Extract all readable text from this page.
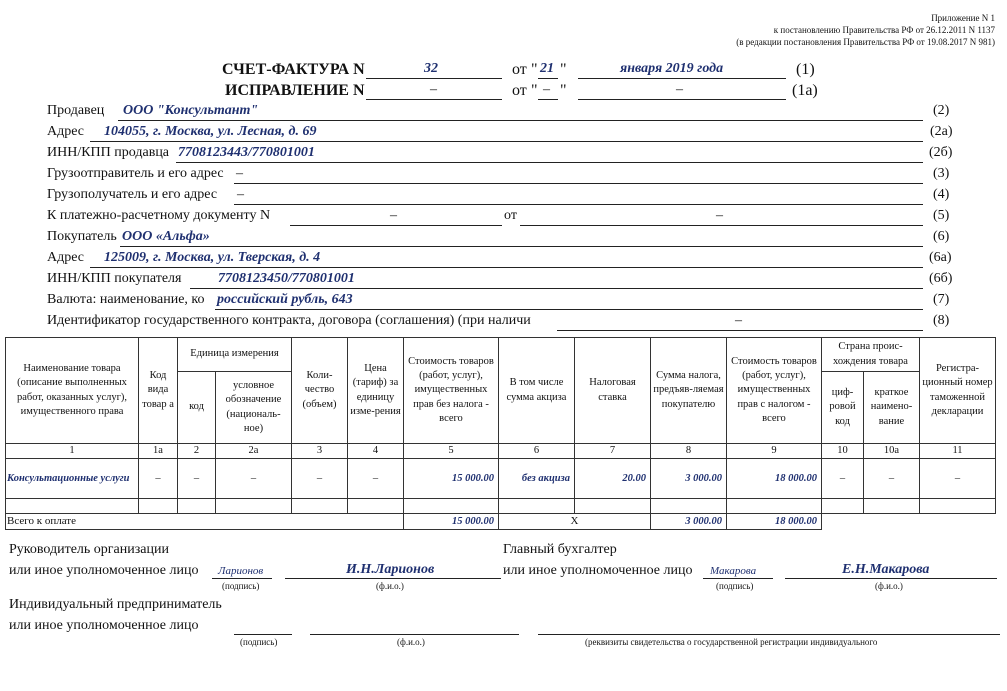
Приложение N 1
к постановлению Правительства РФ от 26.12.2011 N 1137
(в редакции постановления Правительства РФ от 19.08.2017 N 981)
СЧЕТ-ФАКТУРА N	32	от " 21 "	января 2019 года	(1)
ИСПРАВЛЕНИЕ N	–	от " – "	–	(1а)
Продавец ООО "Консультант"	(2)
Адрес 104055, г. Москва, ул. Лесная, д. 69	(2а)
ИНН/КПП продавца 7708123443/770801001	(2б)
Грузоотправитель и его адрес –	(3)
Грузополучатель и его адрес –	(4)
К платежно-расчетному документу N	–	от	–	(5)
Покупатель ООО «Альфа»	(6)
Адрес 125009, г. Москва, ул. Тверская, д. 4	(6а)
ИНН/КПП покупателя	7708123450/770801001	(6б)
Валюта: наименование, ко российский рубль, 643	(7)
Идентификатор государственного контракта, договора (соглашения) (при наличи	–	(8)
Наименование товара (описание выполненных работ, оказанных услуг), имущественного права	Код вида товар а	Единица измерения		Коли-чество (объем)	Цена (тариф) за единицу изме-рения	Стоимость товаров (работ, услуг), имущественных прав без налога - всего	В том числе сумма акциза	Налоговая ставка	Сумма налога, предъяв-ляемая покупателю	Стоимость товаров (работ, услуг), имущественных прав с налогом - всего	Страна проис-хождения товара		Регистра-ционный номер таможенной декларации
		код	условное обозначение (националь-ное)								циф-ровой код	краткое наимено-вание	
1	1а	2	2а	3	4	5	6	7	8	9	10	10а	11
Консультационные услуги	–	–	–	–	–	15 000.00	без акциза	20.00	3 000.00	18 000.00	–	–	–

Всего к оплате						15 000.00	Х		3 000.00	18 000.00			
Руководитель организации
или иное уполномоченное лицо Ларионов
(подпись)
И.Н.Ларионов
(ф.и.о.)
Главный бухгалтер
или иное уполномоченное лицо Макарова
(подпись)
Е.Н.Макарова
(ф.и.о.)
Индивидуальный предприниматель
или иное уполномоченное лицо
(подпись)	(ф.и.о.)	(реквизиты свидетельства о государственной регистрации индивидуального
